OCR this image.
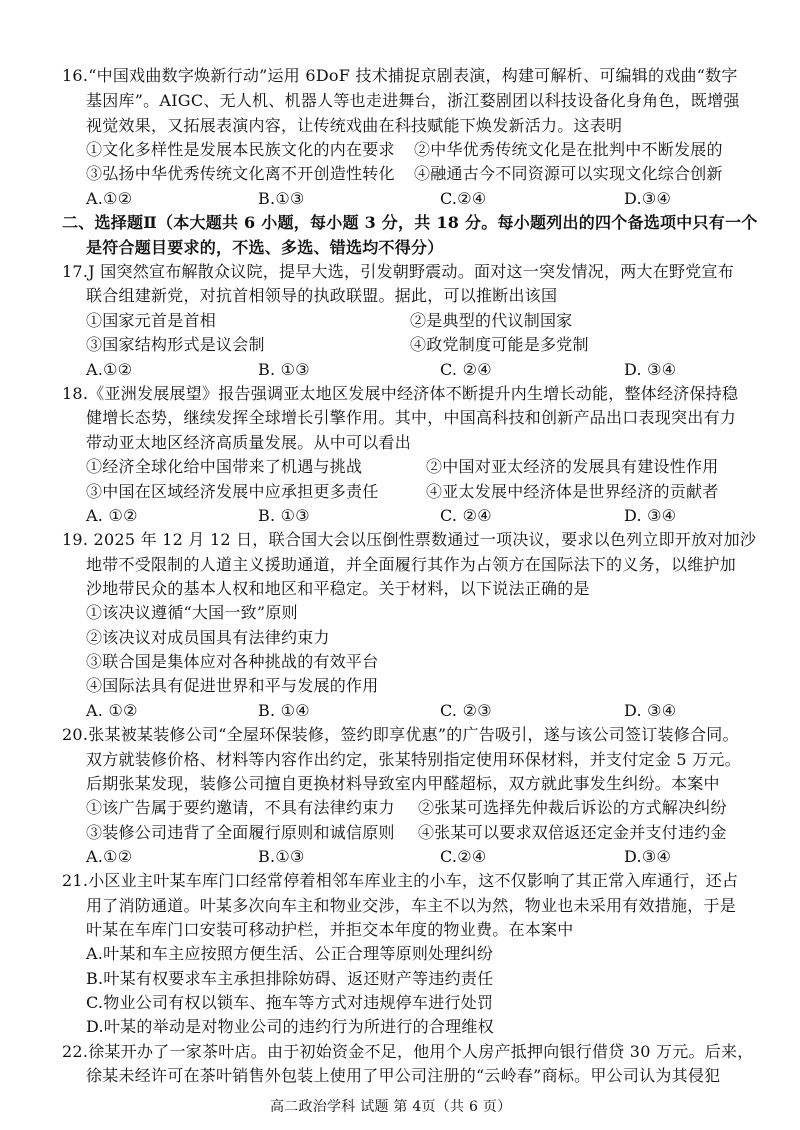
16.“中国戏曲数字焕新行动”运用 6DoF 技术捕捉京剧表演，构建可解析、可编辑的戏曲“数字
基因库”。AIGC、无人机、机器人等也走进舞台，浙江婺剧团以科技设备化身角色，既增强
视觉效果，又拓展表演内容，让传统戏曲在科技赋能下焕发新活力。这表明
①文化多样性是发展本民族文化的内在要求 ②中华优秀传统文化是在批判中不断发展的
③弘扬中华优秀传统文化离不开创造性转化 ④融通古今不同资源可以实现文化综合创新
A.①②	B.①③	C.②④	D.③④
二、选择题Ⅱ（本大题共 6 小题，每小题 3 分，共 18 分。每小题列出的四个备选项中只有一个
是符合题目要求的，不选、多选、错选均不得分）
17.J 国突然宣布解散众议院，提早大选，引发朝野震动。面对这一突发情况，两大在野党宣布
联合组建新党，对抗首相领导的执政联盟。据此，可以推断出该国
①国家元首是首相	②是典型的代议制国家
③国家结构形式是议会制	④政党制度可能是多党制
A.①②	B. ①③	C. ②④	D. ③④
18.《亚洲发展展望》报告强调亚太地区发展中经济体不断提升内生增长动能，整体经济保持稳
健增长态势，继续发挥全球增长引擎作用。其中，中国高科技和创新产品出口表现突出有力
带动亚太地区经济高质量发展。从中可以看出
①经济全球化给中国带来了机遇与挑战	②中国对亚太经济的发展具有建设性作用
③中国在区域经济发展中应承担更多责任	④亚太发展中经济体是世界经济的贡献者
A. ①②	B. ①③	C. ②④	D. ③④
19. 2025 年 12 月 12 日，联合国大会以压倒性票数通过一项决议，要求以色列立即开放对加沙
地带不受限制的人道主义援助通道，并全面履行其作为占领方在国际法下的义务，以维护加
沙地带民众的基本人权和地区和平稳定。关于材料，以下说法正确的是
①该决议遵循“大国一致”原则
②该决议对成员国具有法律约束力
③联合国是集体应对各种挑战的有效平台
④国际法具有促进世界和平与发展的作用
A. ①②	B. ①④	C. ②③	D. ③④
20.张某被某装修公司“全屋环保装修，签约即享优惠”的广告吸引，遂与该公司签订装修合同。
双方就装修价格、材料等内容作出约定，张某特别指定使用环保材料，并支付定金 5 万元。
后期张某发现，装修公司擅自更换材料导致室内甲醛超标，双方就此事发生纠纷。本案中
①该广告属于要约邀请，不具有法律约束力 ②张某可选择先仲裁后诉讼的方式解决纠纷
③装修公司违背了全面履行原则和诚信原则 ④张某可以要求双倍返还定金并支付违约金
A.①②	B.①③	C.②④	D.③④
21.小区业主叶某车库门口经常停着相邻车库业主的小车，这不仅影响了其正常入库通行，还占
用了消防通道。叶某多次向车主和物业交涉，车主不以为然，物业也未采用有效措施，于是
叶某在车库门口安装可移动护栏，并拒交本年度的物业费。在本案中
A.叶某和车主应按照方便生活、公正合理等原则处理纠纷
B.叶某有权要求车主承担排除妨碍、返还财产等违约责任
C.物业公司有权以锁车、拖车等方式对违规停车进行处罚
D.叶某的举动是对物业公司的违约行为所进行的合理维权
22.徐某开办了一家茶叶店。由于初始资金不足，他用个人房产抵押向银行借贷 30 万元。后来，
徐某未经许可在茶叶销售外包装上使用了甲公司注册的“云岭春”商标。甲公司认为其侵犯
高二政治学科 试题 第 4页（共 6 页）
